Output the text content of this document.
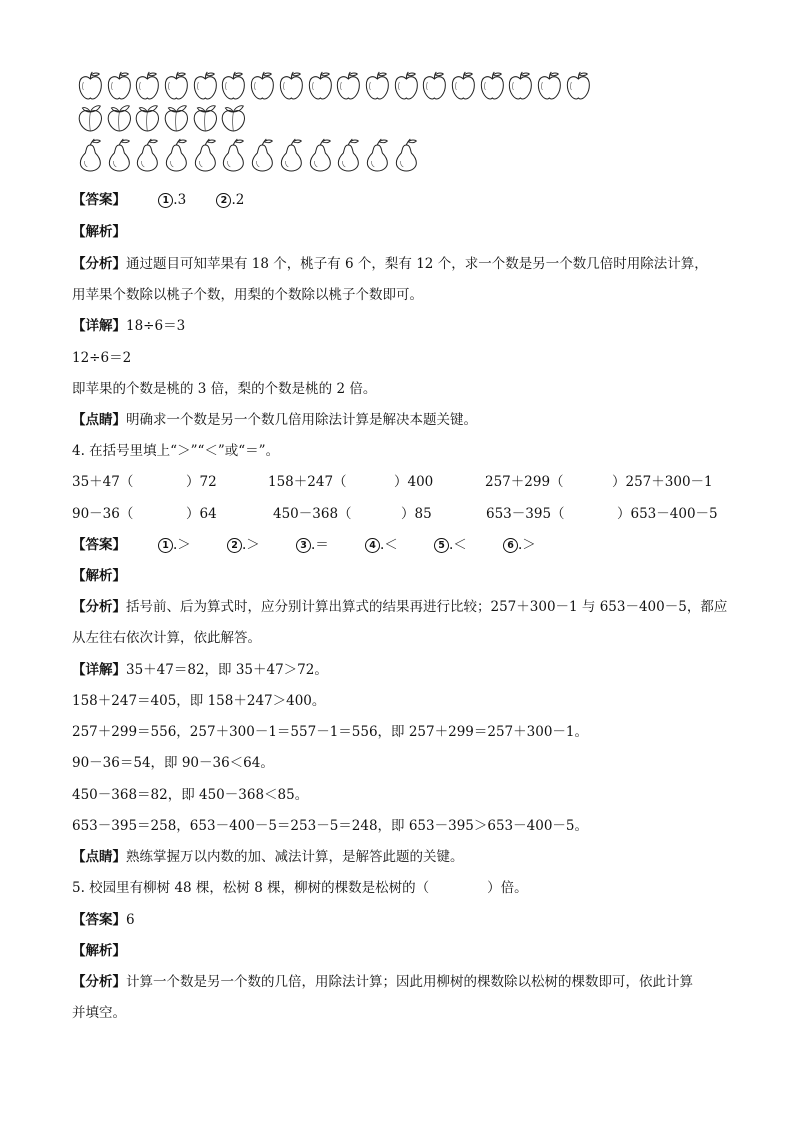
【答案】	1 .3	2 .2
【解析】
【分析】通过题目可知苹果有 18 个，桃子有 6 个，梨有 12 个，求一个数是另一个数几倍时用除法计算，
用苹果个数除以桃子个数，用梨的个数除以桃子个数即可。
【详解】18÷6＝3
12÷6＝2
即苹果的个数是桃的 3 倍，梨的个数是桃的 2 倍。
【点睛】明确求一个数是另一个数几倍用除法计算是解决本题关键。
4. 在括号里填上“＞”“＜”或“＝”。
35＋47（	）72	158＋247（	）400	257＋299（	）257＋300－1
90－36（	）64	450－368（	）85	653－395（	）653－400－5
【答案】	1 .＞	2 .＞	3 .＝	4 .＜	5 .＜	6 .＞
【解析】
【分析】括号前、后为算式时，应分别计算出算式的结果再进行比较；257＋300－1 与 653－400－5，都应
从左往右依次计算，依此解答。
【详解】35＋47＝82，即 35＋47＞72。
158＋247＝405，即 158＋247＞400。
257＋299＝556，257＋300－1＝557－1＝556，即 257＋299＝257＋300－1。
90－36＝54，即 90－36＜64。
450－368＝82，即 450－368＜85。
653－395＝258，653－400－5＝253－5＝248，即 653－395＞653－400－5。
【点睛】熟练掌握万以内数的加、减法计算，是解答此题的关键。
5. 校园里有柳树 48 棵，松树 8 棵，柳树的棵数是松树的（	）倍。
【答案】6
【解析】
【分析】计算一个数是另一个数的几倍，用除法计算；因此用柳树的棵数除以松树的棵数即可，依此计算
并填空。
